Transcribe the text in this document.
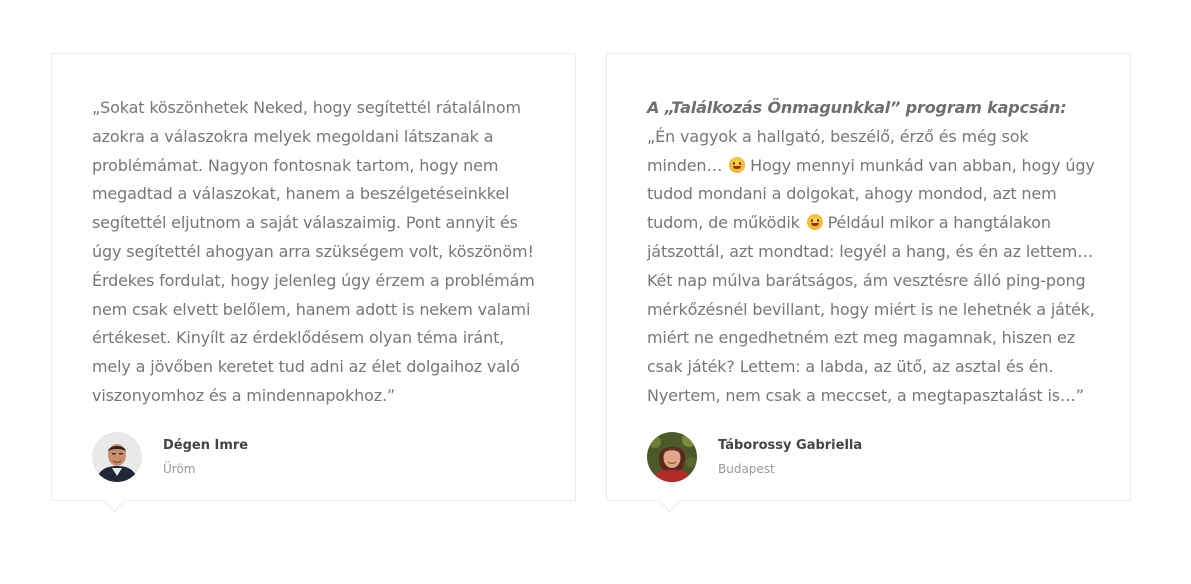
„Sokat köszönhetek Neked, hogy segítettél rátalálnom azokra a válaszokra melyek megoldani látszanak a problémámat. Nagyon fontosnak tartom, hogy nem megadtad a válaszokat, hanem a beszélgetéseinkkel segítettél eljutnom a saját válaszaimig. Pont annyit és úgy segítettél ahogyan arra szükségem volt, köszönöm! Érdekes fordulat, hogy jelenleg úgy érzem a problémám nem csak elvett belőlem, hanem adott is nekem valami értékeset. Kinyílt az érdeklődésem olyan téma iránt, mely a jövőben keretet tud adni az élet dolgaihoz való viszonyomhoz és a mindennapokhoz.”

Dégen Imre
Üröm

A „Találkozás Önmagunkkal” program kapcsán: „Én vagyok a hallgató, beszélő, érző és még sok minden…  Hogy mennyi munkád van abban, hogy úgy tudod mondani a dolgokat, ahogy mondod, azt nem tudom, de működik  Például mikor a hangtálakon játszottál, azt mondtad: legyél a hang, és én az lettem… Két nap múlva barátságos, ám vesztésre álló ping-pong mérkőzésnél bevillant, hogy miért is ne lehetnék a játék, miért ne engedhetném ezt meg magamnak, hiszen ez csak játék? Lettem: a labda, az ütő, az asztal és én. Nyertem, nem csak a meccset, a megtapasztalást is…”

Táborossy Gabriella
Budapest
